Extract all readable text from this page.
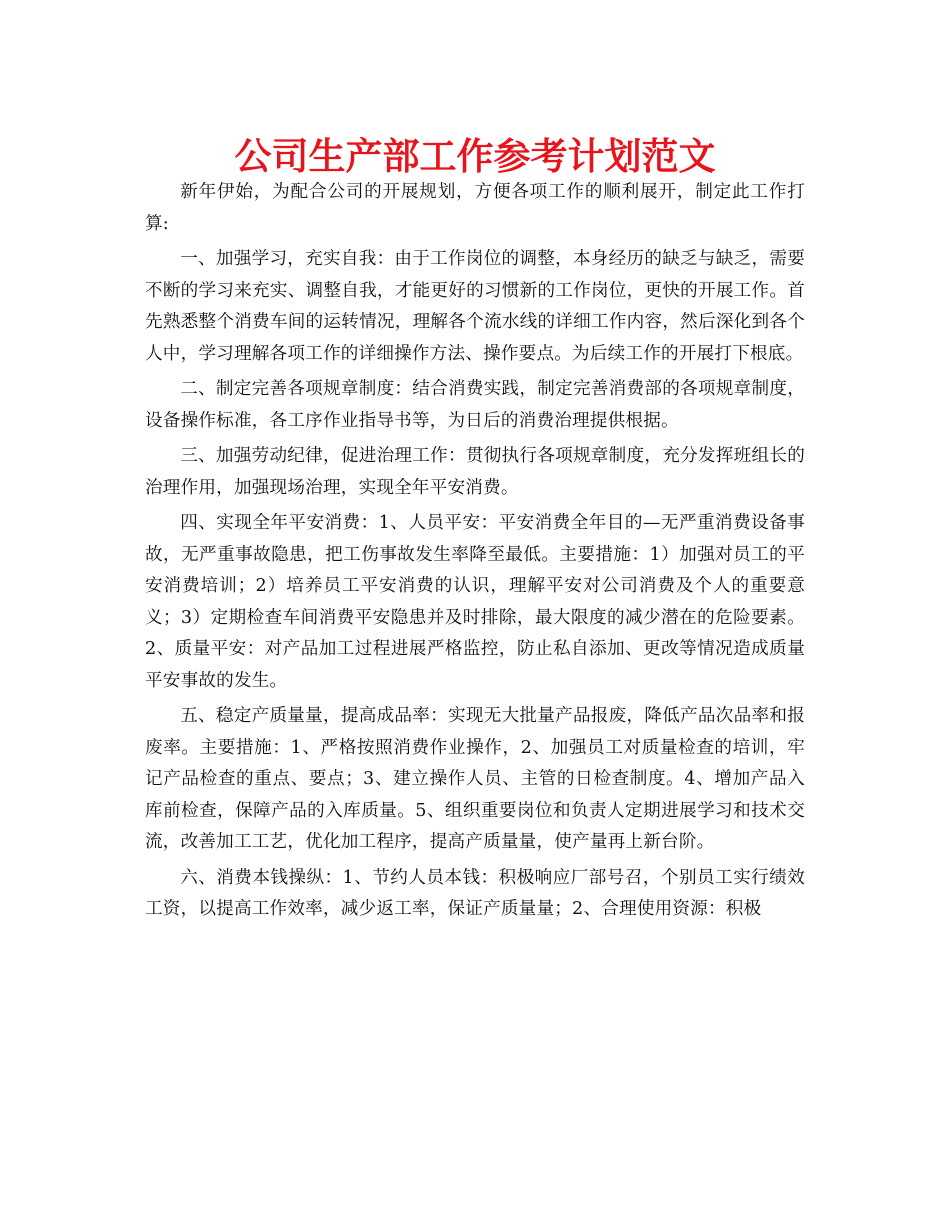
公司生产部工作参考计划范文

新年伊始，为配合公司的开展规划，方便各项工作的顺利展开，制定此工作打算:

一、加强学习，充实自我：由于工作岗位的调整，本身经历的缺乏与缺乏，需要不断的学习来充实、调整自我，才能更好的习惯新的工作岗位，更快的开展工作。首先熟悉整个消费车间的运转情况，理解各个流水线的详细工作内容，然后深化到各个人中，学习理解各项工作的详细操作方法、操作要点。为后续工作的开展打下根底。

二、制定完善各项规章制度：结合消费实践，制定完善消费部的各项规章制度，设备操作标准，各工序作业指导书等，为日后的消费治理提供根据。

三、加强劳动纪律，促进治理工作：贯彻执行各项规章制度，充分发挥班组长的治理作用，加强现场治理，实现全年平安消费。

四、实现全年平安消费：1、人员平安：平安消费全年目的—无严重消费设备事故，无严重事故隐患，把工伤事故发生率降至最低。主要措施：1）加强对员工的平安消费培训；2）培养员工平安消费的认识，理解平安对公司消费及个人的重要意义；3）定期检查车间消费平安隐患并及时排除，最大限度的减少潜在的危险要素。2、质量平安：对产品加工过程进展严格监控，防止私自添加、更改等情况造成质量平安事故的发生。

五、稳定产质量量，提高成品率：实现无大批量产品报废，降低产品次品率和报废率。主要措施：1、严格按照消费作业操作，2、加强员工对质量检查的培训，牢记产品检查的重点、要点；3、建立操作人员、主管的日检查制度。4、增加产品入库前检查，保障产品的入库质量。5、组织重要岗位和负责人定期进展学习和技术交流，改善加工工艺，优化加工程序，提高产质量量，使产量再上新台阶。

六、消费本钱操纵：1、节约人员本钱：积极响应厂部号召，个别员工实行绩效工资，以提高工作效率，减少返工率，保证产质量量；2、合理使用资源：积极
